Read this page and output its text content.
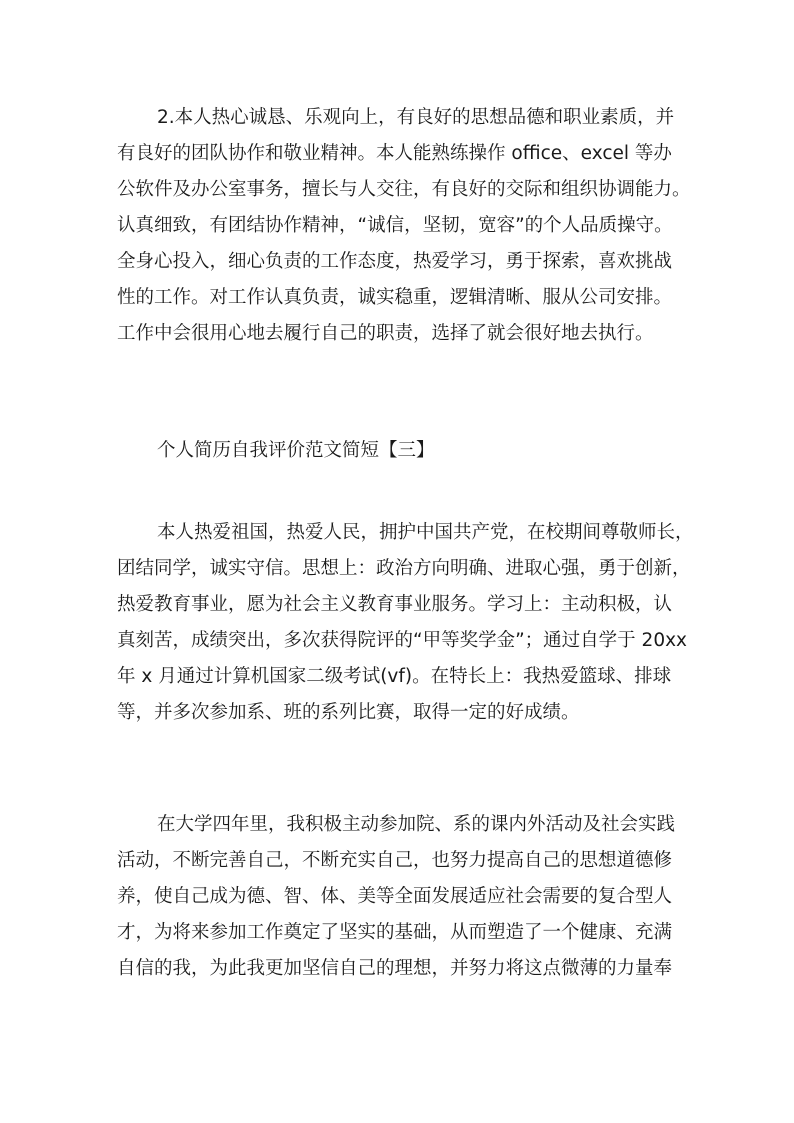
2.本人热心诚恳、乐观向上，有良好的思想品德和职业素质，并
有良好的团队协作和敬业精神。本人能熟练操作 office、excel 等办
公软件及办公室事务，擅长与人交往，有良好的交际和组织协调能力。
认真细致，有团结协作精神，“诚信，坚韧，宽容”的个人品质操守。
全身心投入，细心负责的工作态度，热爱学习，勇于探索，喜欢挑战
性的工作。对工作认真负责，诚实稳重，逻辑清晰、服从公司安排。
工作中会很用心地去履行自己的职责，选择了就会很好地去执行。
个人简历自我评价范文简短【三】
本人热爱祖国，热爱人民，拥护中国共产党，在校期间尊敬师长，
团结同学，诚实守信。思想上：政治方向明确、进取心强，勇于创新，
热爱教育事业，愿为社会主义教育事业服务。学习上：主动积极，认
真刻苦，成绩突出，多次获得院评的“甲等奖学金”；通过自学于 20xx
年 x 月通过计算机国家二级考试(vf)。在特长上：我热爱篮球、排球
等，并多次参加系、班的系列比赛，取得一定的好成绩。
在大学四年里，我积极主动参加院、系的课内外活动及社会实践
活动，不断完善自己，不断充实自己，也努力提高自己的思想道德修
养，使自己成为德、智、体、美等全面发展适应社会需要的复合型人
才，为将来参加工作奠定了坚实的基础，从而塑造了一个健康、充满
自信的我，为此我更加坚信自己的理想，并努力将这点微薄的力量奉
